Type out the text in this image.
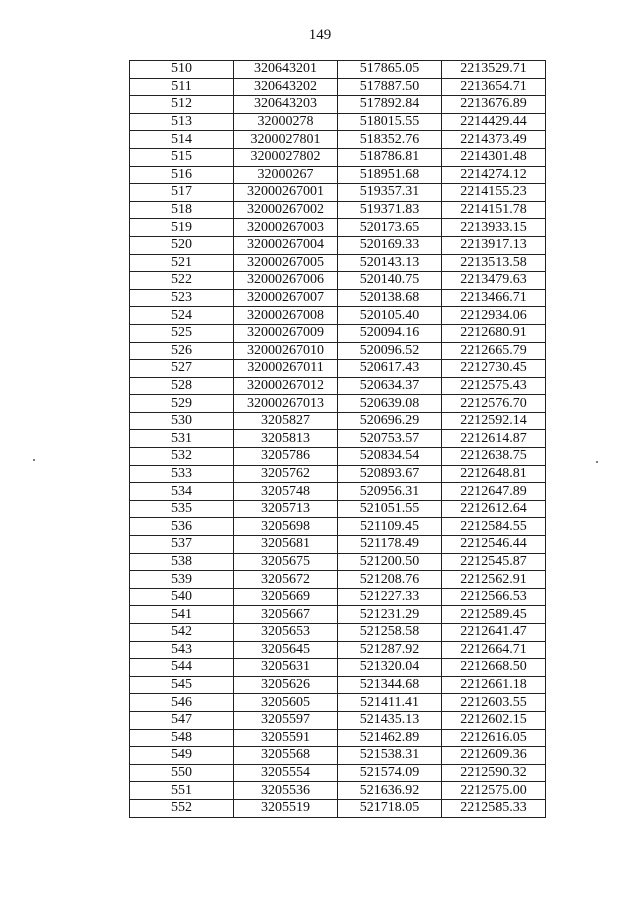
149
510	320643201	517865.05	2213529.71
511	320643202	517887.50	2213654.71
512	320643203	517892.84	2213676.89
513	32000278	518015.55	2214429.44
514	3200027801	518352.76	2214373.49
515	3200027802	518786.81	2214301.48
516	32000267	518951.68	2214274.12
517	32000267001	519357.31	2214155.23
518	32000267002	519371.83	2214151.78
519	32000267003	520173.65	2213933.15
520	32000267004	520169.33	2213917.13
521	32000267005	520143.13	2213513.58
522	32000267006	520140.75	2213479.63
523	32000267007	520138.68	2213466.71
524	32000267008	520105.40	2212934.06
525	32000267009	520094.16	2212680.91
526	32000267010	520096.52	2212665.79
527	32000267011	520617.43	2212730.45
528	32000267012	520634.37	2212575.43
529	32000267013	520639.08	2212576.70
530	3205827	520696.29	2212592.14
531	3205813	520753.57	2212614.87
532	3205786	520834.54	2212638.75
533	3205762	520893.67	2212648.81
534	3205748	520956.31	2212647.89
535	3205713	521051.55	2212612.64
536	3205698	521109.45	2212584.55
537	3205681	521178.49	2212546.44
538	3205675	521200.50	2212545.87
539	3205672	521208.76	2212562.91
540	3205669	521227.33	2212566.53
541	3205667	521231.29	2212589.45
542	3205653	521258.58	2212641.47
543	3205645	521287.92	2212664.71
544	3205631	521320.04	2212668.50
545	3205626	521344.68	2212661.18
546	3205605	521411.41	2212603.55
547	3205597	521435.13	2212602.15
548	3205591	521462.89	2212616.05
549	3205568	521538.31	2212609.36
550	3205554	521574.09	2212590.32
551	3205536	521636.92	2212575.00
552	3205519	521718.05	2212585.33
